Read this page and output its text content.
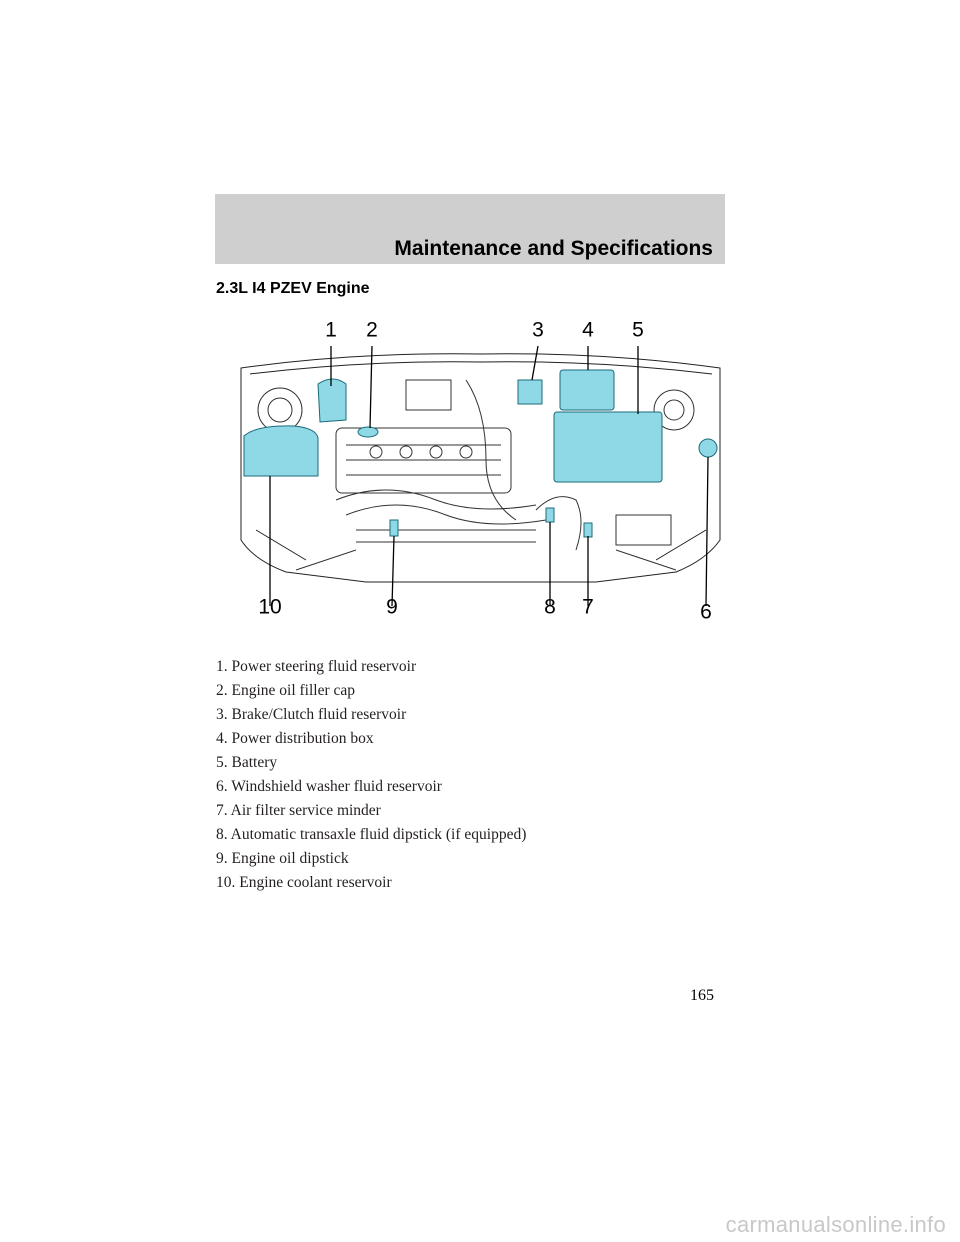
Maintenance and Specifications
2.3L I4 PZEV Engine
1 2	3 4 5
6
7
8
9
10
1. Power steering fluid reservoir
2. Engine oil filler cap
3. Brake/Clutch fluid reservoir
4. Power distribution box
5. Battery
6. Windshield washer fluid reservoir
7. Air filter service minder
8. Automatic transaxle fluid dipstick (if equipped)
9. Engine oil dipstick
10. Engine coolant reservoir
165
carmanualsonline.info
